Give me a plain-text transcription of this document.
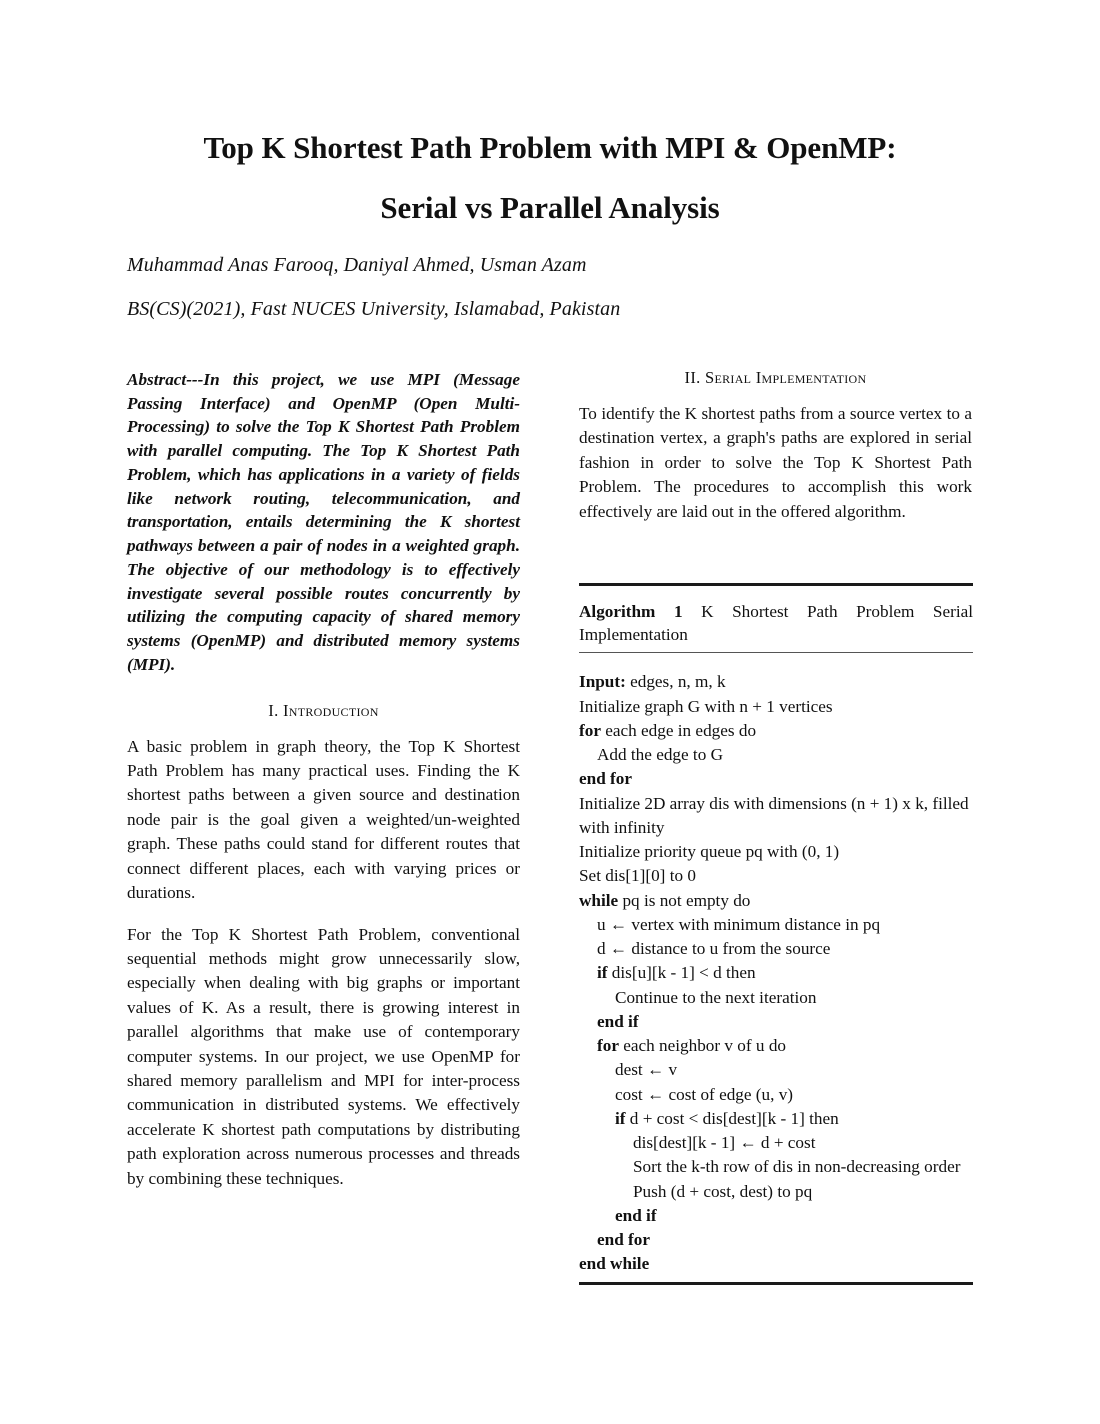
Top K Shortest Path Problem with MPI & OpenMP:
Serial vs Parallel Analysis
Muhammad Anas Farooq, Daniyal Ahmed, Usman Azam
BS(CS)(2021), Fast NUCES University, Islamabad, Pakistan

Abstract---In this project, we use MPI (Message Passing Interface) and OpenMP (Open Multi-Processing) to solve the Top K Shortest Path Problem with parallel computing. The Top K Shortest Path Problem, which has applications in a variety of fields like network routing, telecommunication, and transportation, entails determining the K shortest pathways between a pair of nodes in a weighted graph. The objective of our methodology is to effectively investigate several possible routes concurrently by utilizing the computing capacity of shared memory systems (OpenMP) and distributed memory systems (MPI).

I. Introduction

A basic problem in graph theory, the Top K Shortest Path Problem has many practical uses. Finding the K shortest paths between a given source and destination node pair is the goal given a weighted/un-weighted graph. These paths could stand for different routes that connect different places, each with varying prices or durations.

For the Top K Shortest Path Problem, conventional sequential methods might grow unnecessarily slow, especially when dealing with big graphs or important values of K. As a result, there is growing interest in parallel algorithms that make use of contemporary computer systems. In our project, we use OpenMP for shared memory parallelism and MPI for inter-process communication in distributed systems. We effectively accelerate K shortest path computations by distributing path exploration across numerous processes and threads by combining these techniques.

II. Serial Implementation

To identify the K shortest paths from a source vertex to a destination vertex, a graph's paths are explored in serial fashion in order to solve the Top K Shortest Path Problem. The procedures to accomplish this work effectively are laid out in the offered algorithm.

Algorithm 1 K Shortest Path Problem Serial Implementation
Input: edges, n, m, k
Initialize graph G with n + 1 vertices
for each edge in edges do
Add the edge to G
end for
Initialize 2D array dis with dimensions (n + 1) x k, filled with infinity
Initialize priority queue pq with (0, 1)
Set dis[1][0] to 0
while pq is not empty do
u ← vertex with minimum distance in pq
d ← distance to u from the source
if dis[u][k - 1] < d then
Continue to the next iteration
end if
for each neighbor v of u do
dest ← v
cost ← cost of edge (u, v)
if d + cost < dis[dest][k - 1] then
dis[dest][k - 1] ← d + cost
Sort the k-th row of dis in non-decreasing order
Push (d + cost, dest) to pq
end if
end for
end while
